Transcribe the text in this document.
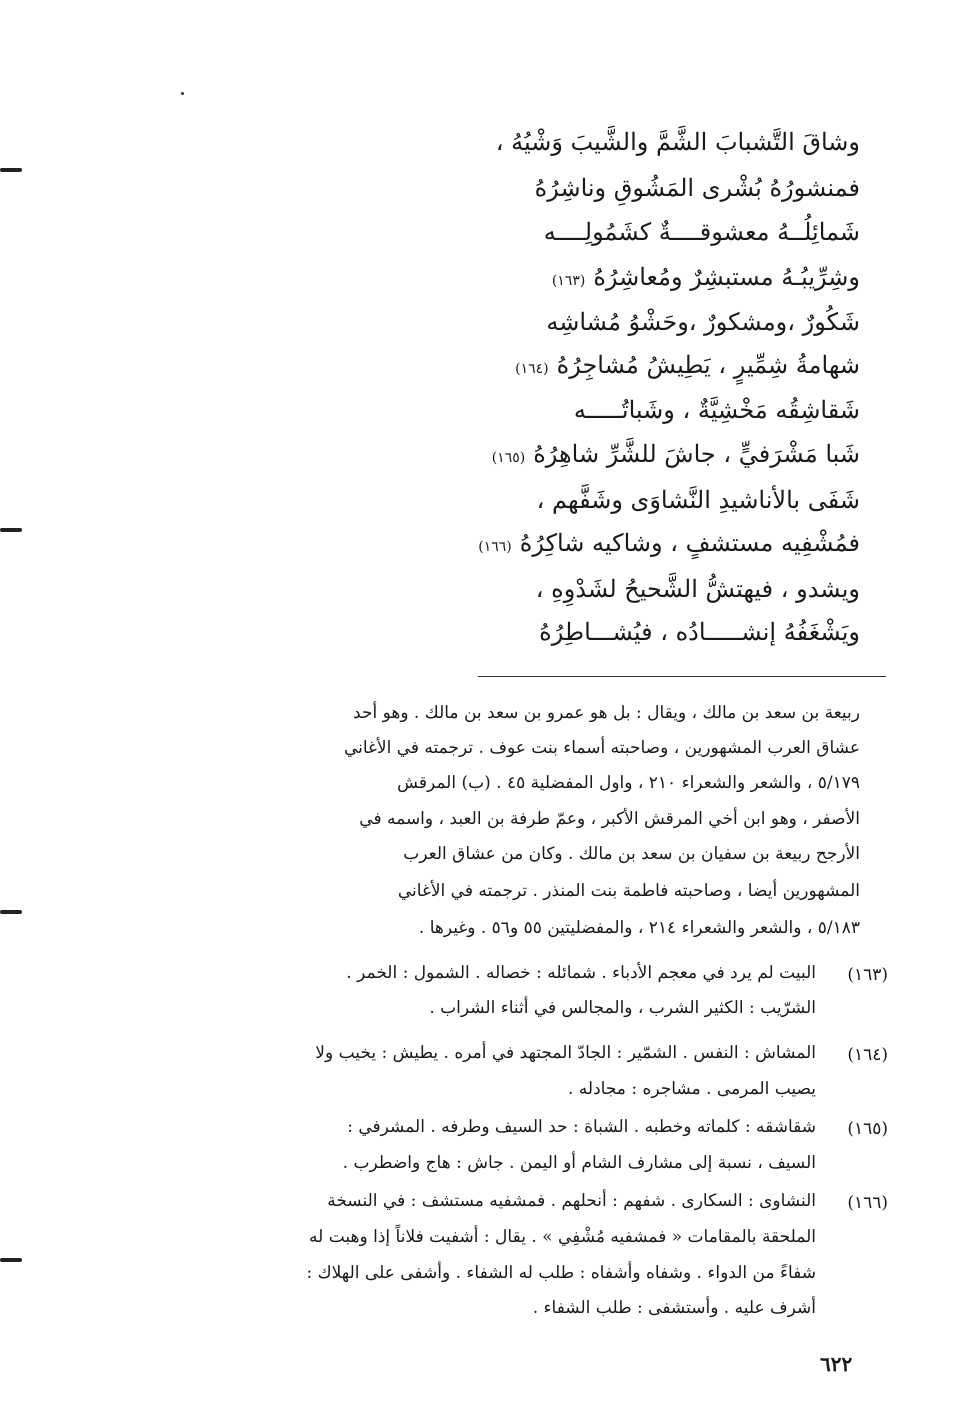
وشاقَ التَّشبابَ الشَّمَّ والشَّيبَ وَشْيُهُ ،
فمنشورُهُ بُشْرى المَشُوقِ وناشِرُهُ
شَمائِلُــهُ معشوقــــةٌ كشَمُولِــــه
وشِرِّيبُـهُ مستبشِرٌ ومُعاشِرُهُ(١٦٣)
شَكُورٌ ،ومشكورٌ ،وحَشْوُ مُشاشِه
شهامةُ شِمِّيرٍ ، يَطِيشُ مُشاجِرُهُ(١٦٤)
شَقاشِقُه مَخْشِيَّةٌ ، وشَباتُـــــه
شَبا مَشْرَفيٍّ ، جاشَ للشَّرِّ شاهِرُهُ(١٦٥)
شَفَى بالأناشيدِ النَّشاوَى وشَفَّهم ،
فمُشْفِيه مستشفٍ ، وشاكيه شاكِرُهُ(١٦٦)
ويشدو ، فيهتشُّ الشَّحيحُ لشَدْوِهِ ،
ويَشْغَفُهُ إنشـــــادُه ، فيُشـــاطِرُهُ
ربيعة بن سعد بن مالك ، ويقال : بل هو عمرو بن سعد بن مالك . وهو أحد
عشاق العرب المشهورين ، وصاحبته أسماء بنت عوف . ترجمته في الأغاني
٥/١٧٩ ، والشعر والشعراء ٢١٠ ، واول المفضلية ٤٥ . (ب) المرقش
الأصفر ، وهو ابن أخي المرقش الأكبر ، وعمّ طرفة بن العبد ، واسمه في
الأرجح ربيعة بن سفيان بن سعد بن مالك . وكان من عشاق العرب
المشهورين أيضا ، وصاحبته فاطمة بنت المنذر . ترجمته في الأغاني
٥/١٨٣ ، والشعر والشعراء ٢١٤ ، والمفضليتين ٥٥ و٥٦ . وغيرها .
(١٦٣)
البيت لم يرد في معجم الأدباء . شمائله : خصاله . الشمول : الخمر .
الشرّيب : الكثير الشرب ، والمجالس في أثناء الشراب .
(١٦٤)
المشاش : النفس . الشمّير : الجادّ المجتهد في أمره . يطيش : يخيب ولا
يصيب المرمى . مشاجره : مجادله .
(١٦٥)
شقاشقه : كلماته وخطبه . الشباة : حد السيف وطرفه . المشرفي :
السيف ، نسبة إلى مشارف الشام أو اليمن . جاش : هاج واضطرب .
(١٦٦)
النشاوى : السكارى . شفهم : أنحلهم . فمشفيه مستشف : في النسخة
الملحقة بالمقامات « فمشفيه مُشْفِي » . يقال : أشفيت فلاناً إذا وهبت له
شفاءً من الدواء . وشفاه وأشفاه : طلب له الشفاء . وأشفى على الهلاك :
أشرف عليه . وأستشفى : طلب الشفاء .
٦٢٢
